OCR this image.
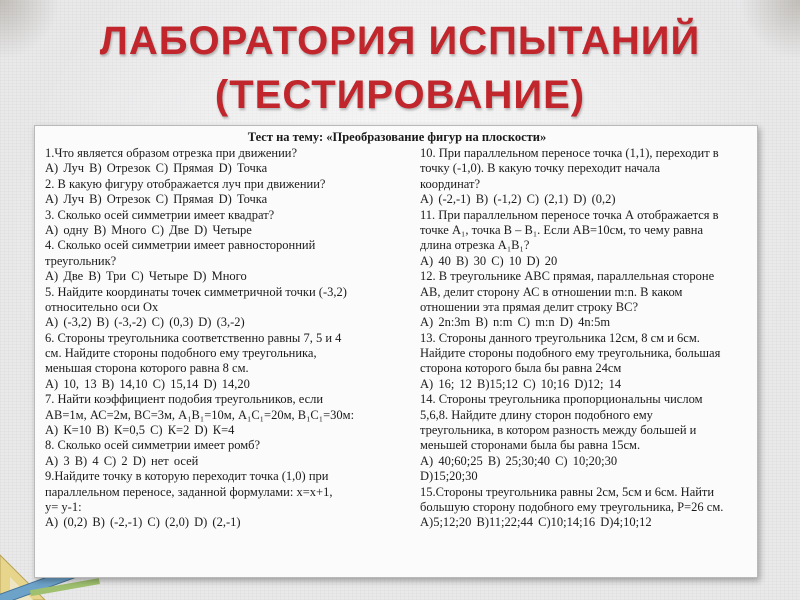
ЛАБОРАТОРИЯ ИСПЫТАНИЙ
(ТЕСТИРОВАНИЕ)
Тест на тему: «Преобразование фигур на плоскости»
1.Что является образом отрезка при движении?
А) Луч В) Отрезок С) Прямая D) Точка
2. В какую фигуру отображается луч при движении?
А) Луч В) Отрезок С) Прямая D) Точка
3. Сколько осей симметрии имеет квадрат?
А) одну В) Много С) Две D) Четыре
4. Сколько осей симметрии имеет равносторонний
треугольник?
А) Две В) Три С) Четыре D) Много
5. Найдите координаты точек симметричной точки (-3,2)
относительно оси Ох
А) (-3,2) В) (-3,-2) С) (0,3) D) (3,-2)
6. Стороны треугольника соответственно равны 7, 5 и 4
см. Найдите стороны подобного ему треугольника,
меньшая сторона которого равна 8 см.
А) 10, 13 В) 14,10 С) 15,14 D) 14,20
7. Найти коэффициент подобия треугольников, если
АВ=1м, АС=2м, ВС=3м, А₁В₁=10м, А₁С₁=20м, В₁С₁=30м:
А) К=10 В) К=0,5 С) К=2 D) К=4
8. Сколько осей симметрии имеет ромб?
А) 3 В) 4 С) 2 D) нет осей
9.Найдите точку в которую переходит точка (1,0) при
параллельном переносе, заданной формулами: х=х+1,
у= у-1:
А) (0,2) В) (-2,-1) С) (2,0) D) (2,-1)
10. При параллельном переносе точка (1,1), переходит в
точку (-1,0). В какую точку переходит начала
координат?
А) (-2,-1) В) (-1,2) С) (2,1) D) (0,2)
11. При параллельном переносе точка А отображается в
точке А₁, точка В – В₁. Если АВ=10см, то чему равна
длина отрезка А₁В₁?
А) 40 В) 30 С) 10 D) 20
12. В треугольнике АВС прямая, параллельная стороне
АВ, делит сторону АС в отношении m:n. В каком
отношении эта прямая делит строку ВС?
А) 2n:3m В) n:m С) m:n D) 4n:5m
13. Стороны данного треугольника 12см, 8 см и 6см.
Найдите стороны подобного ему треугольника, большая
сторона которого была бы равна 24см
А) 16; 12 В)15;12 С) 10;16 D)12; 14
14. Стороны треугольника пропорциональны числом
5,6,8. Найдите длину сторон подобного ему
треугольника, в котором разность между большей и
меньшей сторонами была бы равна 15см.
А) 40;60;25 В) 25;30;40 С) 10;20;30
D)15;20;30
15.Стороны треугольника равны 2см, 5см и 6см. Найти
большую сторону подобного ему треугольника, Р=26 см.
А)5;12;20 В)11;22;44 С)10;14;16 D)4;10;12
